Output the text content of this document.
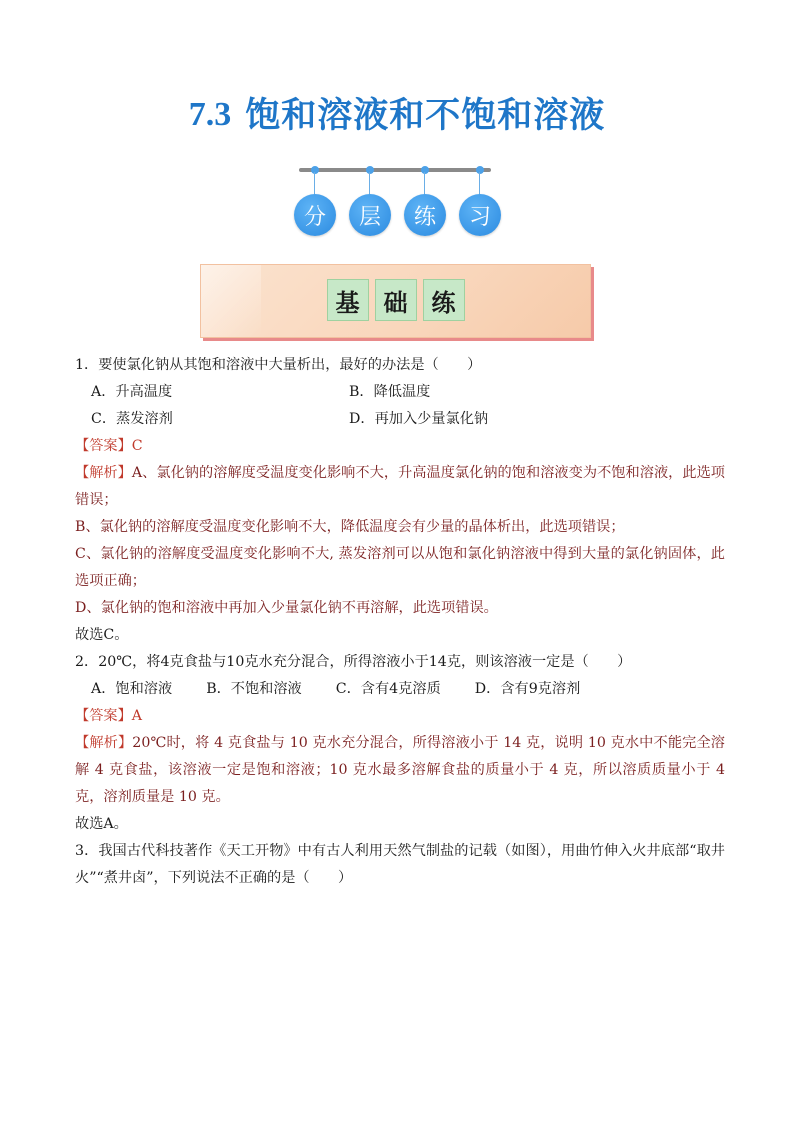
7.3 饱和溶液和不饱和溶液
分	层	练	习
基	础	练

1．要使氯化钠从其饱和溶液中大量析出，最好的办法是（　　）

A．升高温度	B．降低温度
C．蒸发溶剂	D．再加入少量氯化钠

【答案】C

【解析】A、氯化钠的溶解度受温度变化影响不大，升高温度氯化钠的饱和溶液变为不饱和溶液，此选项错误；

B、氯化钠的溶解度受温度变化影响不大，降低温度会有少量的晶体析出，此选项错误；

C、氯化钠的溶解度受温度变化影响不大, 蒸发溶剂可以从饱和氯化钠溶液中得到大量的氯化钠固体，此选项正确；

D、氯化钠的饱和溶液中再加入少量氯化钠不再溶解，此选项错误。

故选C。

2．20℃，将4克食盐与10克水充分混合，所得溶液小于14克，则该溶液一定是（　　）

A．饱和溶液 B．不饱和溶液 C．含有4克溶质 D．含有9克溶剂

【答案】A

【解析】20℃时，将 4 克食盐与 10 克水充分混合，所得溶液小于 14 克，说明 10 克水中不能完全溶解 4 克食盐，该溶液一定是饱和溶液；10 克水最多溶解食盐的质量小于 4 克，所以溶质质量小于 4 克，溶剂质量是 10 克。

故选A。

3．我国古代科技著作《天工开物》中有古人利用天然气制盐的记载（如图），用曲竹伸入火井底部“取井火”“煮井卤”，下列说法不正确的是（　　）
